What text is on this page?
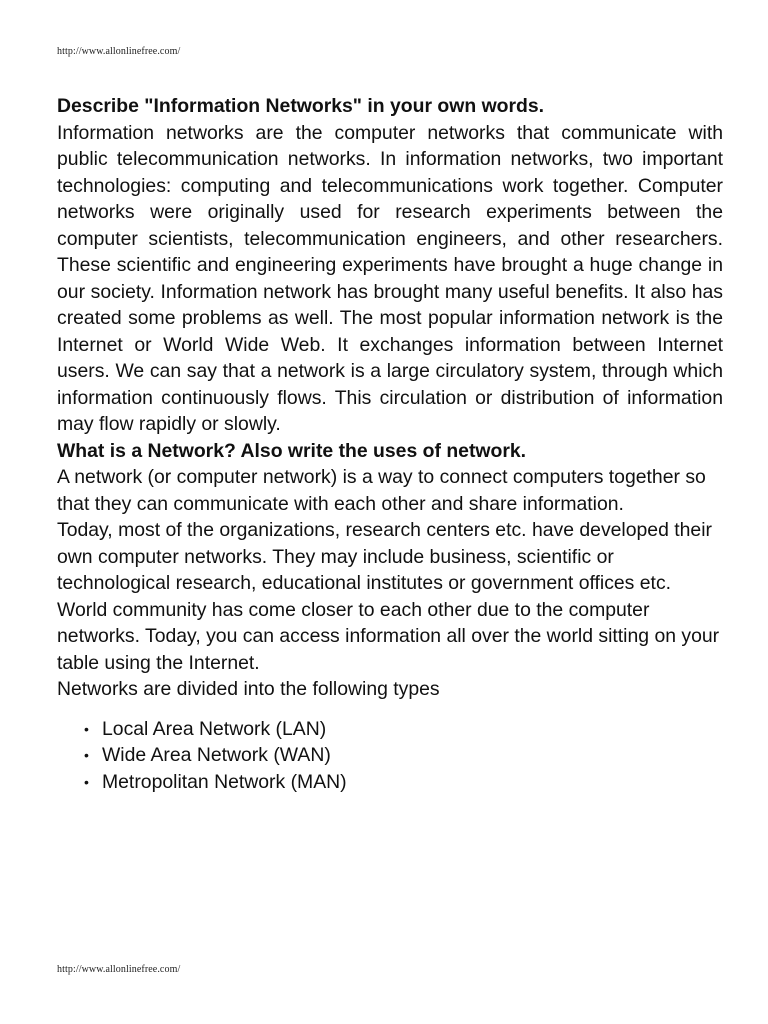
http://www.allonlinefree.com/
Describe "Information Networks" in your own words.

Information networks are the computer networks that communicate with public telecommunication networks. In information networks, two important technologies: computing and telecommunications work together. Computer networks were originally used for research experiments between the computer scientists, telecommunication engineers, and other researchers. These scientific and engineering experiments have brought a huge change in our society. Information network has brought many useful benefits. It also has created some problems as well. The most popular information network is the Internet or World Wide Web. It exchanges information between Internet users. We can say that a network is a large circulatory system, through which information continuously flows. This circulation or distribution of information may flow rapidly or slowly.

What is a Network? Also write the uses of network.

A network (or computer network) is a way to connect computers together so that they can communicate with each other and share information.

Today, most of the organizations, research centers etc. have developed their own computer networks. They may include business, scientific or technological research, educational institutes or government offices etc. World community has come closer to each other due to the computer networks. Today, you can access information all over the world sitting on your table using the Internet.

Networks are divided into the following types

• Local Area Network (LAN)
• Wide Area Network (WAN)
• Metropolitan Network (MAN)
http://www.allonlinefree.com/
